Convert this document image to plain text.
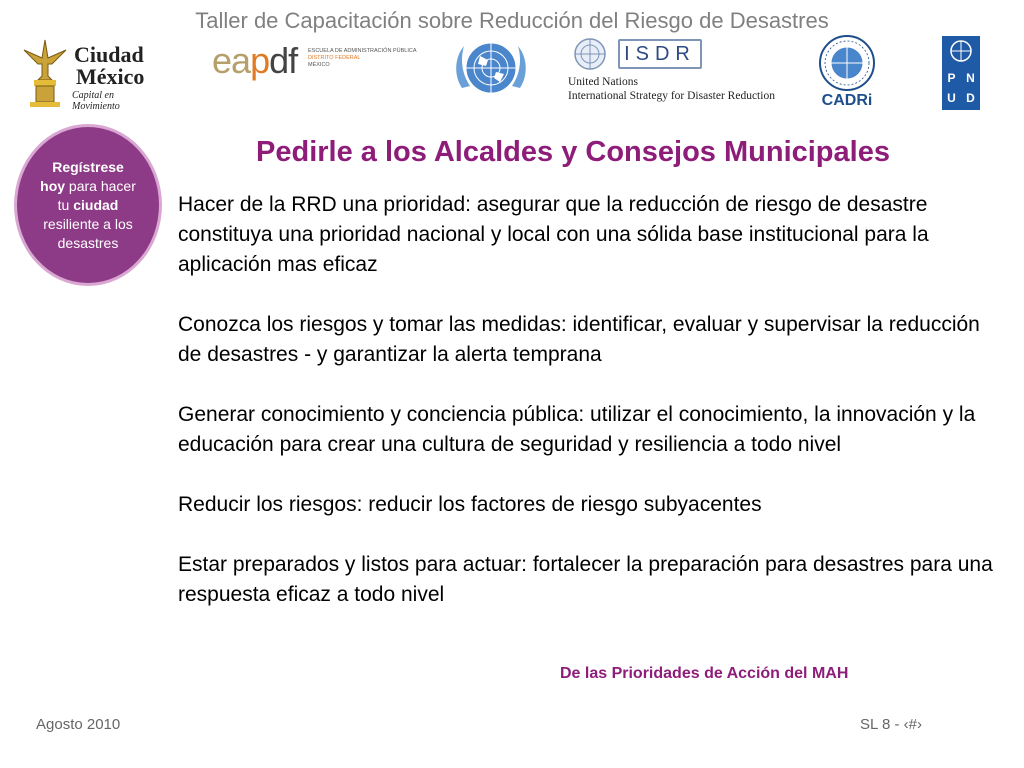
Taller de Capacitación sobre Reducción del Riesgo de Desastres
Ciudad
México
Capital en Movimiento
eapdf ESCUELA DE ADMINISTRACIÓN PÚBLICA
DISTRITO FEDERAL
MÉXICO	ISDR
United Nations
International Strategy for Disaster Reduction	CADRi
P N
U D
Regístrese
hoy para hacer
tu ciudad
resiliente a los
desastres
Pedirle a los Alcaldes y Consejos Municipales

Hacer de la RRD una prioridad: asegurar que la reducción de riesgo de desastre constituya una prioridad nacional y local con una sólida base institucional para la aplicación mas eficaz

Conozca los riesgos y tomar las medidas: identificar, evaluar y supervisar la reducción de desastres - y garantizar la alerta temprana

Generar conocimiento y conciencia pública: utilizar el conocimiento, la innovación y la educación para crear una cultura de seguridad y resiliencia a todo nivel

Reducir los riesgos: reducir los factores de riesgo subyacentes

Estar preparados y listos para actuar: fortalecer la preparación para desastres para una respuesta eficaz a todo nivel

De las Prioridades de Acción del MAH
Agosto 2010	SL 8 - ‹#›
